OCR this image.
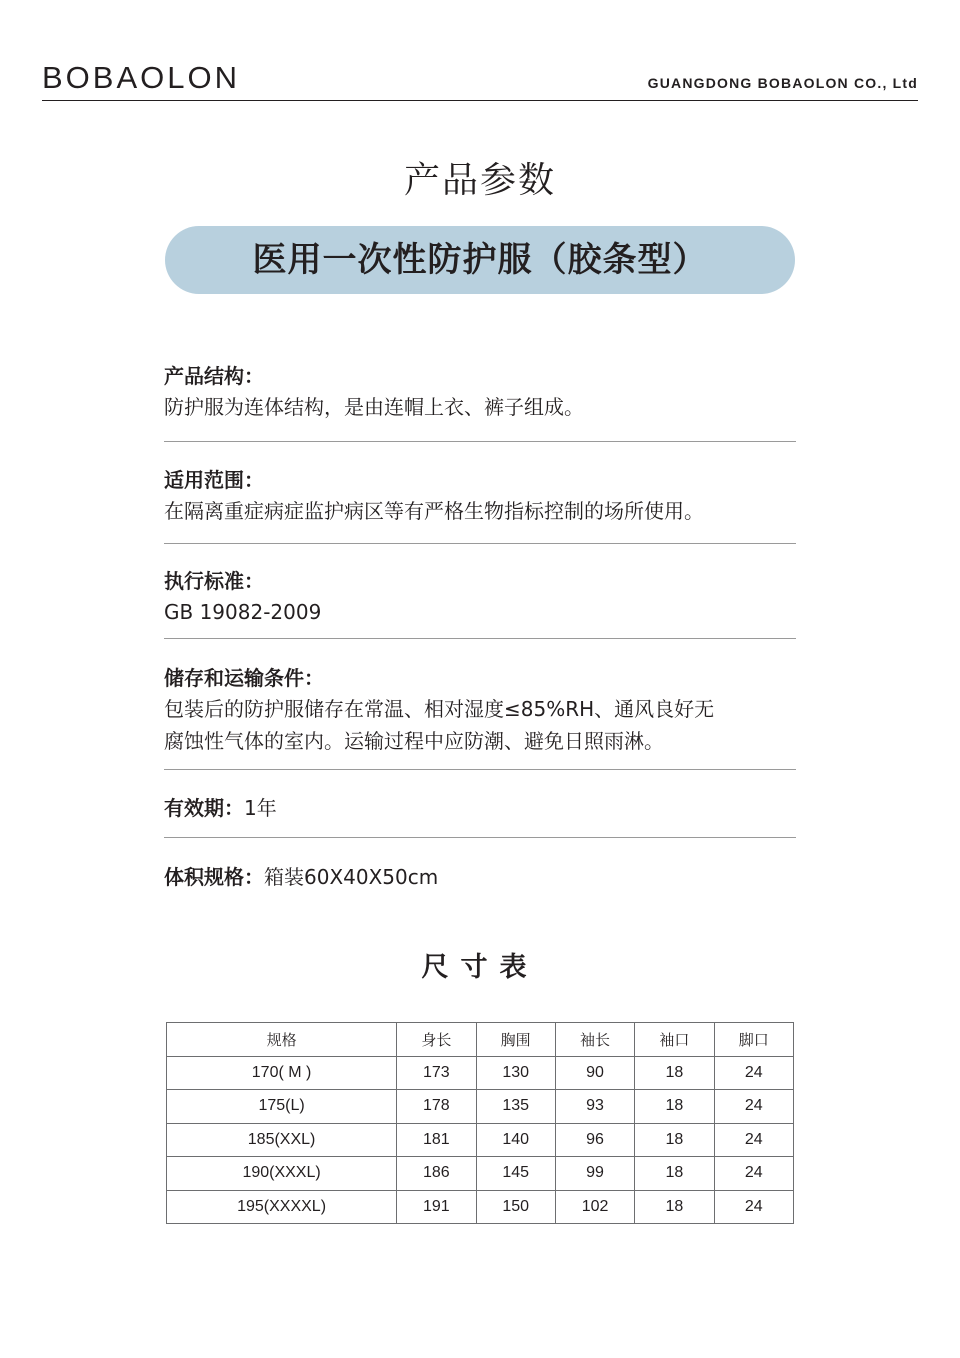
BOBAOLON	GUANGDONG BOBAOLON CO., Ltd
产品参数
医用一次性防护服（胶条型）
产品结构：
防护服为连体结构，是由连帽上衣、裤子组成。
适用范围：
在隔离重症病症监护病区等有严格生物指标控制的场所使用。
执行标准：
GB 19082-2009
储存和运输条件：
包装后的防护服储存在常温、相对湿度≤85%RH、通风良好无
腐蚀性气体的室内。运输过程中应防潮、避免日照雨淋。
有效期：1年
体积规格：箱装60X40X50cm
尺寸表
规格	身长	胸围	袖长	袖口	脚口
170( M )	173	130	90	18	24
175(L)	178	135	93	18	24
185(XXL)	181	140	96	18	24
190(XXXL)	186	145	99	18	24
195(XXXXL)	191	150	102	18	24
